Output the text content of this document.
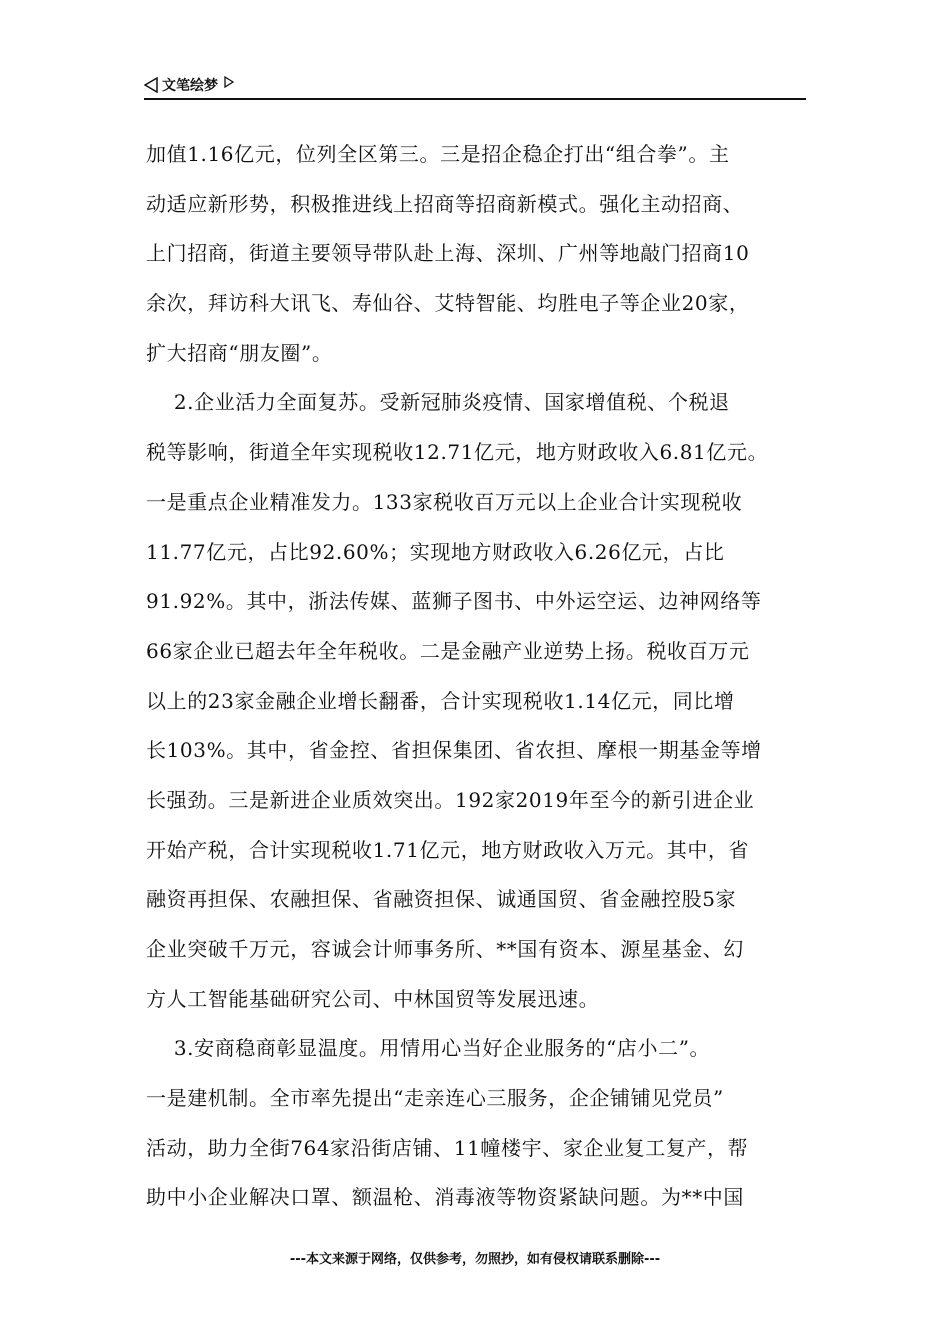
文笔绘梦
加值1.16亿元，位列全区第三。三是招企稳企打出“组合拳”。主
动适应新形势，积极推进线上招商等招商新模式。强化主动招商、
上门招商，街道主要领导带队赴上海、深圳、广州等地敲门招商10
余次，拜访科大讯飞、寿仙谷、艾特智能、均胜电子等企业20家，
扩大招商“朋友圈”。
2.企业活力全面复苏。受新冠肺炎疫情、国家增值税、个税退
税等影响，街道全年实现税收12.71亿元，地方财政收入6.81亿元。
一是重点企业精准发力。133家税收百万元以上企业合计实现税收
11.77亿元，占比92.60%；实现地方财政收入6.26亿元，占比
91.92%。其中，浙法传媒、蓝狮子图书、中外运空运、边神网络等
66家企业已超去年全年税收。二是金融产业逆势上扬。税收百万元
以上的23家金融企业增长翻番，合计实现税收1.14亿元，同比增
长103%。其中，省金控、省担保集团、省农担、摩根一期基金等增
长强劲。三是新进企业质效突出。192家2019年至今的新引进企业
开始产税，合计实现税收1.71亿元，地方财政收入万元。其中，省
融资再担保、农融担保、省融资担保、诚通国贸、省金融控股5家
企业突破千万元，容诚会计师事务所、**国有资本、源星基金、幻
方人工智能基础研究公司、中林国贸等发展迅速。
3.安商稳商彰显温度。用情用心当好企业服务的“店小二”。
一是建机制。全市率先提出“走亲连心三服务，企企铺铺见党员”
活动，助力全街764家沿街店铺、11幢楼宇、家企业复工复产，帮
助中小企业解决口罩、额温枪、消毒液等物资紧缺问题。为**中国
---本文来源于网络，仅供参考，勿照抄，如有侵权请联系删除---
